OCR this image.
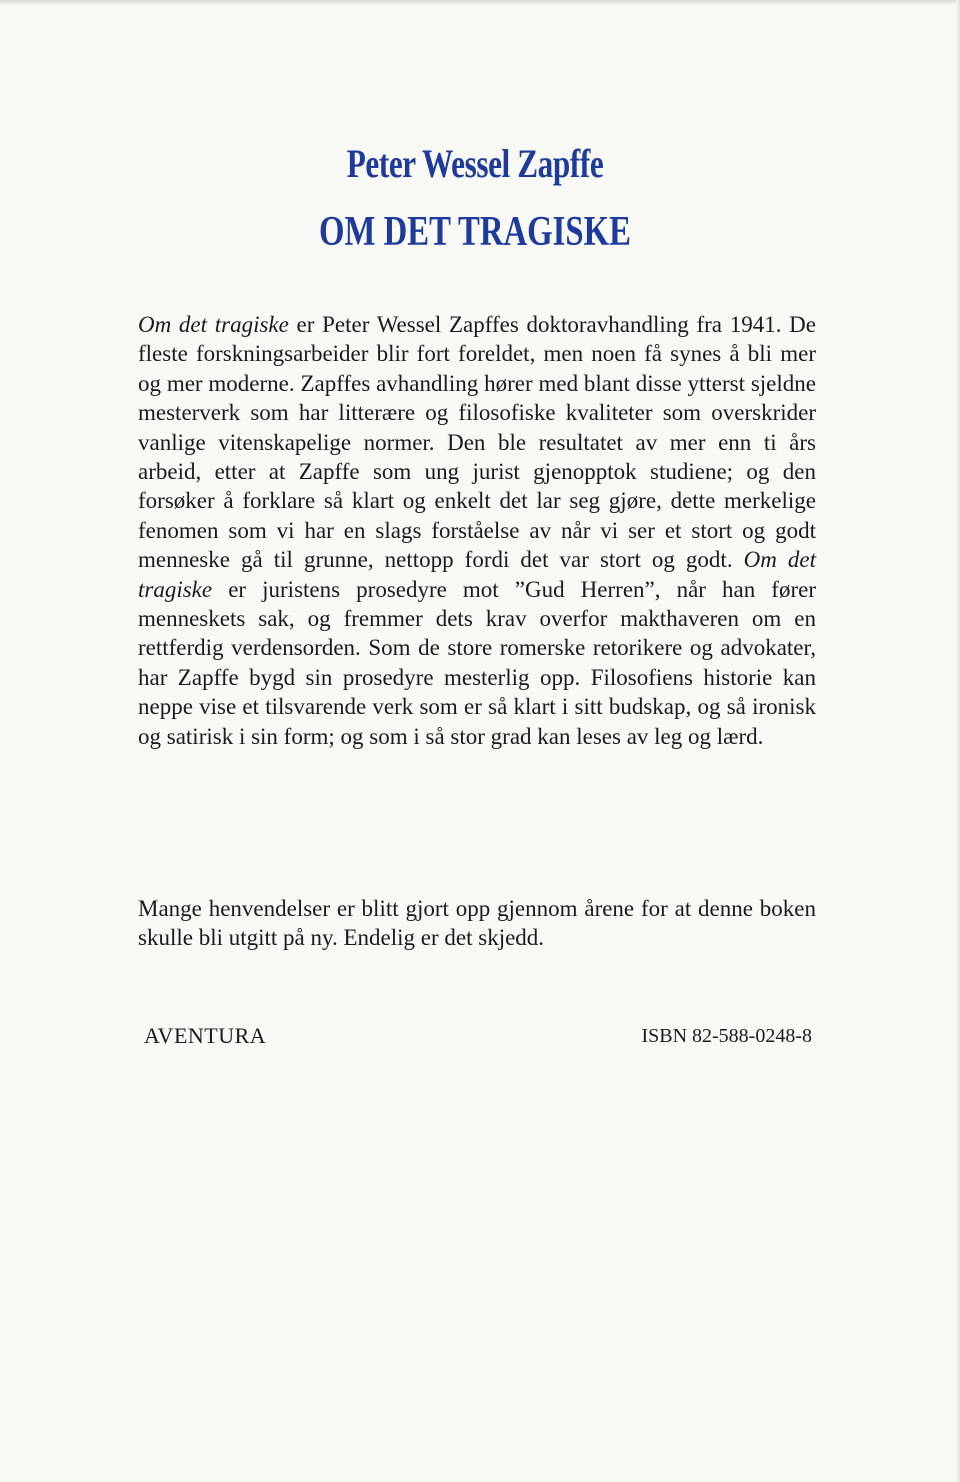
Peter Wessel Zapffe
OM DET TRAGISKE

Om det tragiske er Peter Wessel Zapffes doktoravhandling fra 1941. De fleste forskningsarbeider blir fort foreldet, men noen få synes å bli mer og mer moderne. Zapffes avhandling hører med blant disse ytterst sjeldne mesterverk som har litterære og filosofiske kvaliteter som overskrider vanlige vitenskapelige normer. Den ble resultatet av mer enn ti års arbeid, etter at Zapffe som ung jurist gjenopptok studiene; og den forsøker å forklare så klart og enkelt det lar seg gjøre, dette merkelige fenomen som vi har en slags forståelse av når vi ser et stort og godt menneske gå til grunne, nettopp fordi det var stort og godt. Om det tragiske er juristens prosedyre mot ”Gud Herren”, når han fører menneskets sak, og fremmer dets krav overfor makthaveren om en rettferdig verdensorden. Som de store romerske retorikere og advokater, har Zapffe bygd sin prosedyre mesterlig opp. Filosofiens historie kan neppe vise et tilsvarende verk som er så klart i sitt budskap, og så ironisk og satirisk i sin form; og som i så stor grad kan leses av leg og lærd.

Mange henvendelser er blitt gjort opp gjennom årene for at denne boken skulle bli utgitt på ny. Endelig er det skjedd.

AVENTURA	ISBN 82-588-0248-8
